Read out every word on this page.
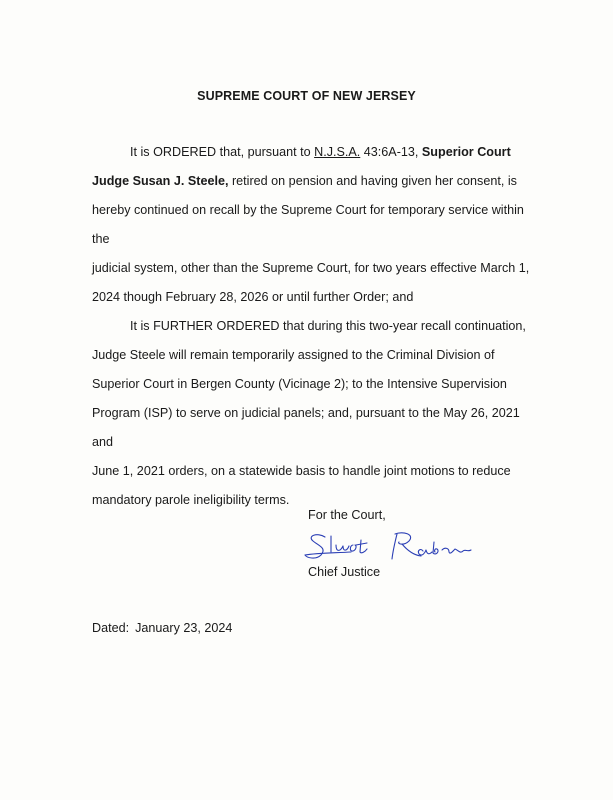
SUPREME COURT OF NEW JERSEY

It is ORDERED that, pursuant to N.J.S.A. 43:6A-13, Superior Court

Judge Susan J. Steele, retired on pension and having given her consent, is

hereby continued on recall by the Supreme Court for temporary service within the

judicial system, other than the Supreme Court, for two years effective March 1,

2024 though February 28, 2026 or until further Order; and

It is FURTHER ORDERED that during this two-year recall continuation,

Judge Steele will remain temporarily assigned to the Criminal Division of

Superior Court in Bergen County (Vicinage 2); to the Intensive Supervision

Program (ISP) to serve on judicial panels; and, pursuant to the May 26, 2021 and

June 1, 2021 orders, on a statewide basis to handle joint motions to reduce

mandatory parole ineligibility terms.

For the Court,
Chief Justice
Dated: January 23, 2024
